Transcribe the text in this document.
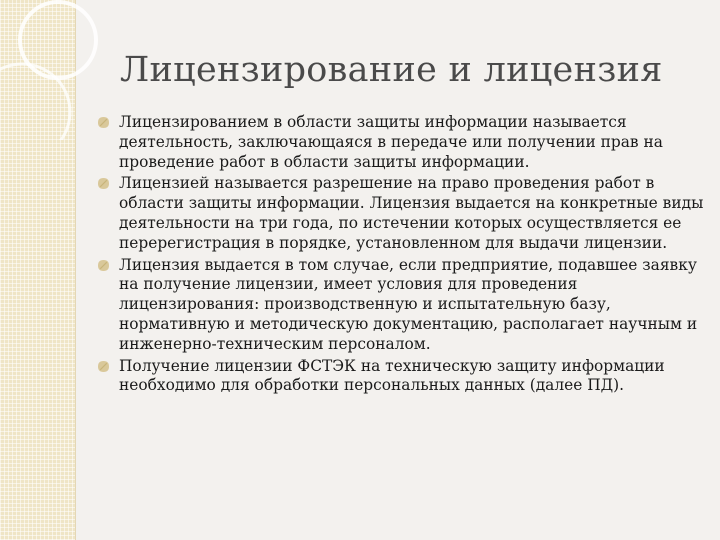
Лицензирование и лицензия
Лицензированием в области защиты информации называется деятельность, заключающаяся в передаче или получении прав на проведение работ в области защиты информации.
Лицензией называется разрешение на право проведения работ в области защиты информации. Лицензия выдается на конкретные виды деятельности на три года, по истечении которых осуществляется ее перерегистрация в порядке, установленном для выдачи лицензии.
Лицензия выдается в том случае, если предприятие, подавшее заявку на получение лицензии, имеет условия для проведения лицензирования: производственную и испытательную базу, нормативную и методическую документацию, располагает научным и инженерно-техническим персоналом.
Получение лицензии ФСТЭК на техническую защиту информации необходимо для обработки персональных данных (далее ПД).
